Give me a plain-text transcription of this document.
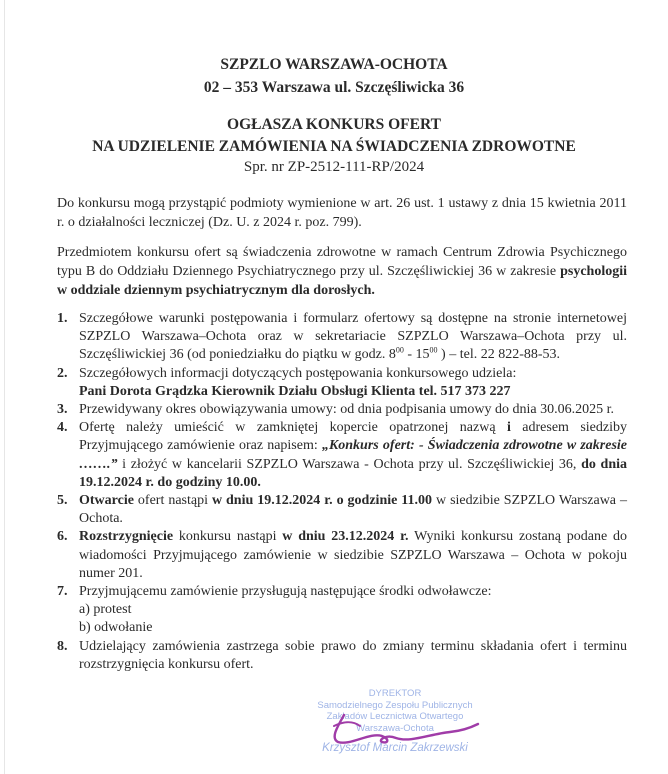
SZPZLO WARSZAWA-OCHOTA
02 – 353 Warszawa ul. Szczęśliwicka 36
OGŁASZA KONKURS OFERT
NA UDZIELENIE ZAMÓWIENIA NA ŚWIADCZENIA ZDROWOTNE
Spr. nr ZP-2512-111-RP/2024
Do konkursu mogą przystąpić podmioty wymienione w art. 26 ust. 1 ustawy z dnia 15 kwietnia 2011 r. o działalności leczniczej (Dz. U. z 2024 r. poz. 799).
Przedmiotem konkursu ofert są świadczenia zdrowotne w ramach Centrum Zdrowia Psychicznego typu B do Oddziału Dziennego Psychiatrycznego przy ul. Szczęśliwickiej 36 w zakresie psychologii w oddziale dziennym psychiatrycznym dla dorosłych.
1. Szczegółowe warunki postępowania i formularz ofertowy są dostępne na stronie internetowej SZPZLO Warszawa–Ochota oraz w sekretariacie SZPZLO Warszawa–Ochota przy ul. Szczęśliwickiej 36 (od poniedziałku do piątku w godz. $8^{00} - 15^{00}$ ) – tel. 22 822-88-53.
2. Szczegółowych informacji dotyczących postępowania konkursowego udziela:
Pani Dorota Grądzka Kierownik Działu Obsługi Klienta tel. 517 373 227
3. Przewidywany okres obowiązywania umowy: od dnia podpisania umowy do dnia 30.06.2025 r.
4. Ofertę należy umieścić w zamkniętej kopercie opatrzonej nazwą i adresem siedziby Przyjmującego zamówienie oraz napisem: „Konkurs ofert: - Świadczenia zdrowotne w zakresie …….” i złożyć w kancelarii SZPZLO Warszawa - Ochota przy ul. Szczęśliwickiej 36, do dnia 19.12.2024 r. do godziny 10.00.
5. Otwarcie ofert nastąpi w dniu 19.12.2024 r. o godzinie 11.00 w siedzibie SZPZLO Warszawa – Ochota.
6. Rozstrzygnięcie konkursu nastąpi w dniu 23.12.2024 r. Wyniki konkursu zostaną podane do wiadomości Przyjmującego zamówienie w siedzibie SZPZLO Warszawa – Ochota w pokoju numer 201.
7. Przyjmującemu zamówienie przysługują następujące środki odwoławcze:
a) protest
b) odwołanie
8. Udzielający zamówienia zastrzega sobie prawo do zmiany terminu składania ofert i terminu rozstrzygnięcia konkursu ofert.
DYREKTOR
Samodzielnego Zespołu Publicznych
Zakładów Lecznictwa Otwartego
Warszawa-Ochota
Krzysztof Marcin Zakrzewski
